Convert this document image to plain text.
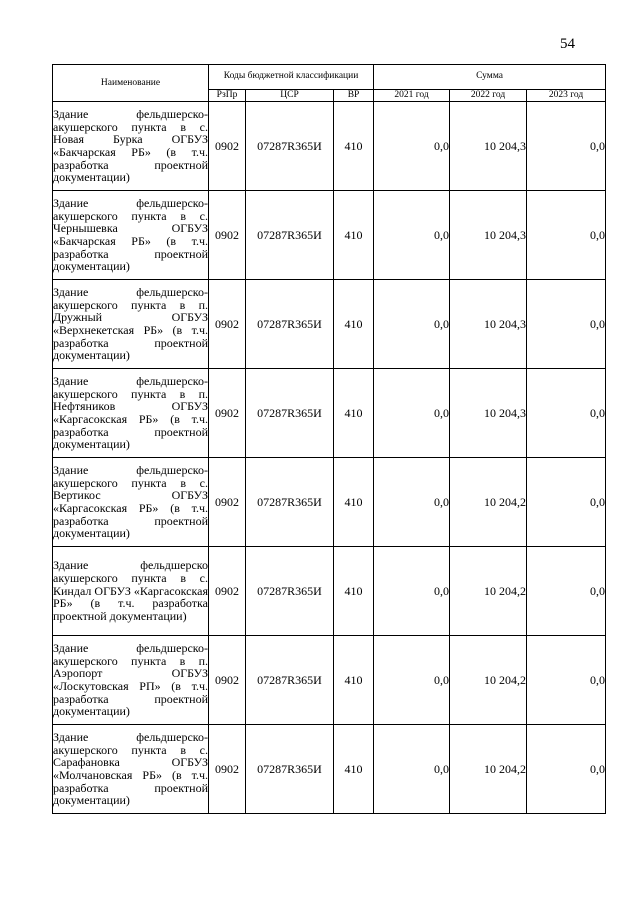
54
Наименование	Коды бюджетной классификации			Сумма		
	РзПр	ЦСР	ВР	2021 год	2022 год	2023 год
Здание фельдшерско-акушерского пункта в с. Новая Бурка ОГБУЗ «Бакчарская РБ» (в т.ч. разработка проектной документации)	0902	07287R365И	410	0,0	10 204,3	0,0
Здание фельдшерско-акушерского пункта в с. Чернышевка ОГБУЗ «Бакчарская РБ» (в т.ч. разработка проектной документации)	0902	07287R365И	410	0,0	10 204,3	0,0
Здание фельдшерско-акушерского пункта в п. Дружный ОГБУЗ «Верхнекетская РБ» (в т.ч. разработка проектной документации)	0902	07287R365И	410	0,0	10 204,3	0,0
Здание фельдшерско-акушерского пункта в п. Нефтяников ОГБУЗ «Каргасокская РБ» (в т.ч. разработка проектной документации)	0902	07287R365И	410	0,0	10 204,3	0,0
Здание фельдшерско-акушерского пункта в с. Вертикос ОГБУЗ «Каргасокская РБ» (в т.ч. разработка проектной документации)	0902	07287R365И	410	0,0	10 204,2	0,0
Здание фельдшерско акушерского пункта в с. Киндал ОГБУЗ «Каргасокская РБ» (в т.ч. разработка проектной документации)	0902	07287R365И	410	0,0	10 204,2	0,0
Здание фельдшерско-акушерского пункта в п. Аэропорт ОГБУЗ «Лоскутовская РП» (в т.ч. разработка проектной документации)	0902	07287R365И	410	0,0	10 204,2	0,0
Здание фельдшерско-акушерского пункта в с. Сарафановка ОГБУЗ «Молчановская РБ» (в т.ч. разработка проектной документации)	0902	07287R365И	410	0,0	10 204,2	0,0
